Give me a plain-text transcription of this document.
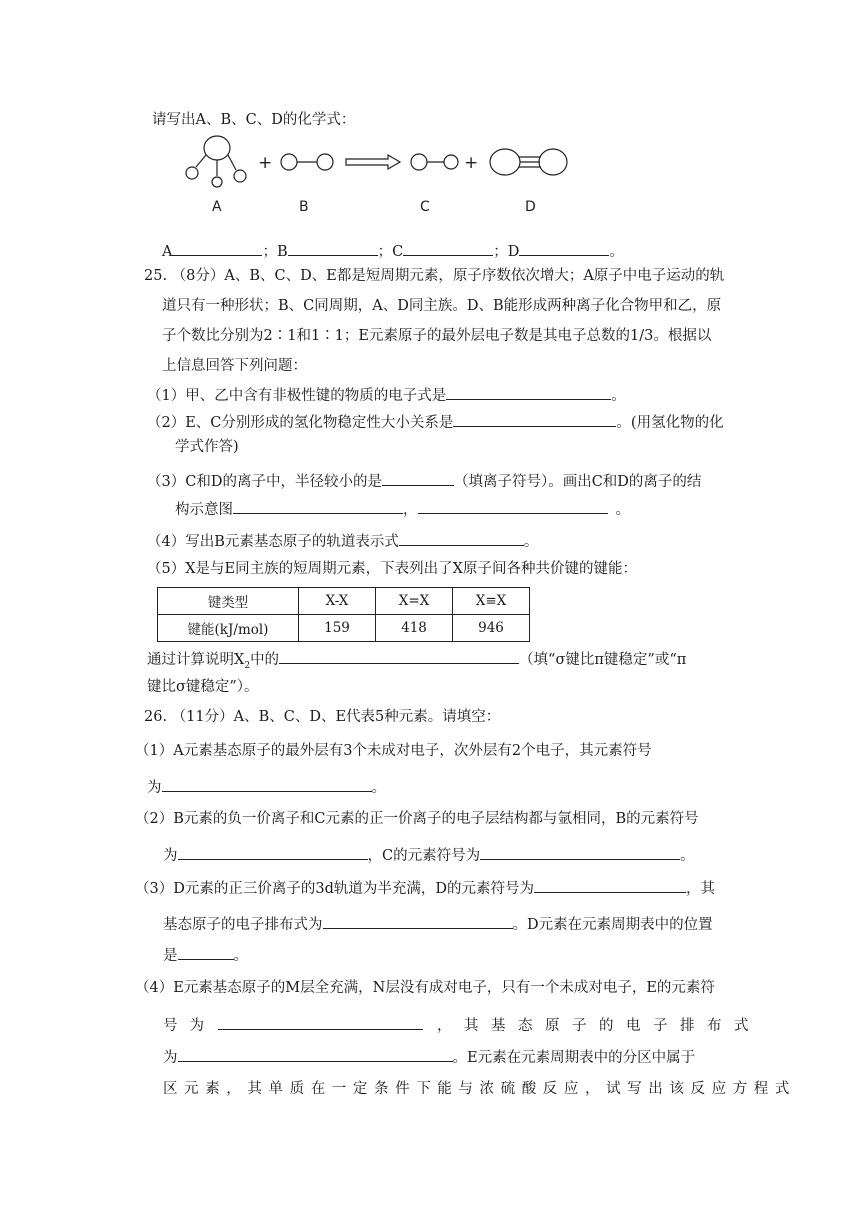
请写出A、B、C、D的化学式：
+	+
A	B	C	D
A	；B	；C	；D	。
25. （8分）A、B、C、D、E都是短周期元素，原子序数依次增大；A原子中电子运动的轨
道只有一种形状；B、C同周期，A、D同主族。D、B能形成两种离子化合物甲和乙，原
子个数比分别为2∶1和1∶1；E元素原子的最外层电子数是其电子总数的1/3。根据以
上信息回答下列问题：
（1）甲、乙中含有非极性键的物质的电子式是	。
（2）E、C分别形成的氢化物稳定性大小关系是	。(用氢化物的化
学式作答)
（3）C和D的离子中，半径较小的是	（填离子符号）。画出C和D的离子的结
构示意图	，	。
（4）写出B元素基态原子的轨道表示式	。
（5）X是与E同主族的短周期元素，下表列出了X原子间各种共价键的键能：
键类型	X-X	X=X	X≡X
键能(kJ/mol)	159	418	946
通过计算说明$X_2$中的	（填“σ键比π键稳定”或“π
键比σ键稳定”）。
26. （11分）A、B、C、D、E代表5种元素。请填空：
（1）A元素基态原子的最外层有3个未成对电子，次外层有2个电子，其元素符号
为	。
（2）B元素的负一价离子和C元素的正一价离子的电子层结构都与氩相同，B的元素符号
为	，C的元素符号为	。
（3）D元素的正三价离子的3d轨道为半充满，D的元素符号为	，其
基态原子的电子排布式为	。D元素在元素周期表中的位置
是	。
（4）E元素基态原子的M层全充满，N层没有成对电子，只有一个未成对电子，E的元素符
号为	，其基态原子的电子排布式
为	。E元素在元素周期表中的分区中属于
区元素，其单质在一定条件下能与浓硫酸反应，试写出该反应方程式
